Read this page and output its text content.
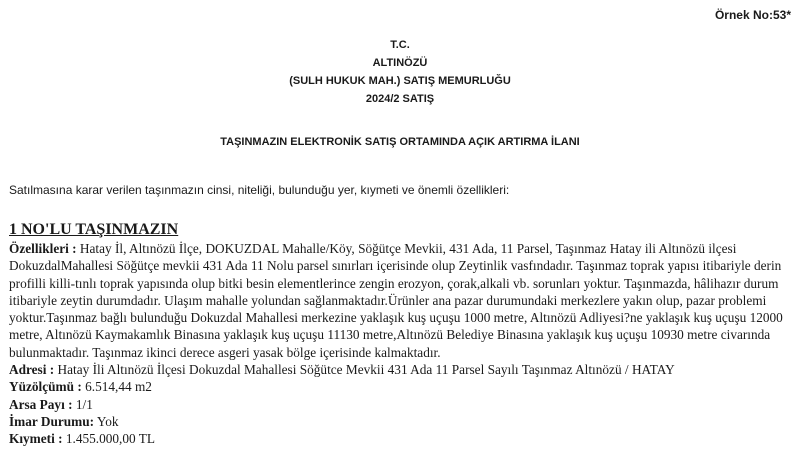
Örnek No:53*
T.C.
ALTINÖZÜ
(SULH HUKUK MAH.) SATIŞ MEMURLUĞU
2024/2 SATIŞ
TAŞINMAZIN ELEKTRONİK SATIŞ ORTAMINDA AÇIK ARTIRMA İLANI
Satılmasına karar verilen taşınmazın cinsi, niteliği, bulunduğu yer, kıymeti ve önemli özellikleri:

1 NO'LU TAŞINMAZIN

Özellikleri : Hatay İl, Altınözü İlçe, DOKUZDAL Mahalle/Köy, Söğütçe Mevkii, 431 Ada, 11 Parsel, Taşınmaz Hatay ili Altınözü ilçesi DokuzdalMahallesi Söğütçe mevkii 431 Ada 11 Nolu parsel sınırları içerisinde olup Zeytinlik vasfındadır. Taşınmaz toprak yapısı itibariyle derin profilli killi-tınlı toprak yapısında olup bitki besin elementlerince zengin erozyon, çorak,alkali vb. sorunları yoktur. Taşınmazda, hâlihazır durum itibariyle zeytin durumdadır. Ulaşım mahalle yolundan sağlanmaktadır.Ürünler ana pazar durumundaki merkezlere yakın olup, pazar problemi yoktur.Taşınmaz bağlı bulunduğu Dokuzdal Mahallesi merkezine yaklaşık kuş uçuşu 1000 metre, Altınözü Adliyesi?ne yaklaşık kuş uçuşu 12000 metre, Altınözü Kaymakamlık Binasına yaklaşık kuş uçuşu 11130 metre,Altınözü Belediye Binasına yaklaşık kuş uçuşu 10930 metre civarında bulunmaktadır. Taşınmaz ikinci derece asgeri yasak bölge içerisinde kalmaktadır.

Adresi : Hatay İli Altınözü İlçesi Dokuzdal Mahallesi Söğütce Mevkii 431 Ada 11 Parsel Sayılı Taşınmaz Altınözü / HATAY

Yüzölçümü : 6.514,44 m2

Arsa Payı : 1/1

İmar Durumu: Yok

Kıymeti : 1.455.000,00 TL
